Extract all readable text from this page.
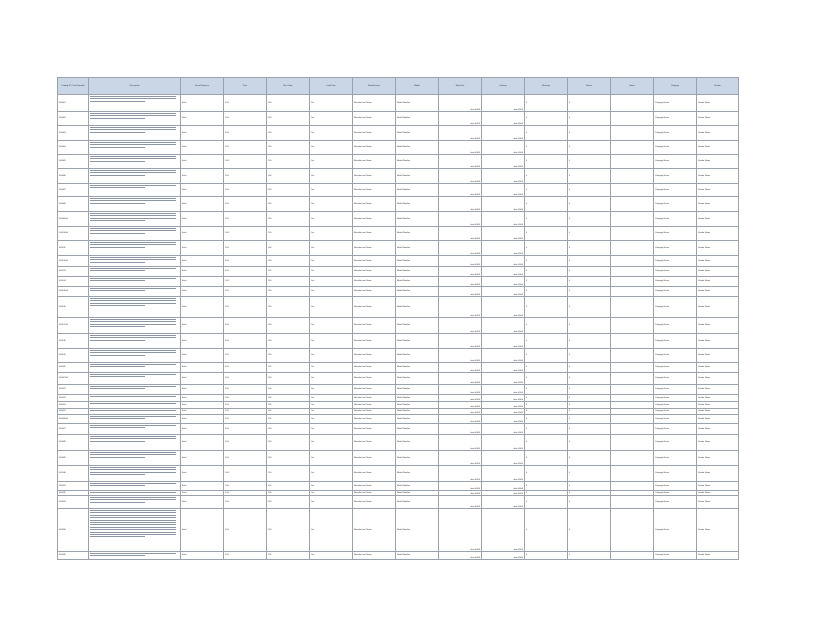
Catalog ID / Parts Number	Description	Unit of Measure	Price	Min Order	Lead Time	Manufacturer	Model	Ship Date	Delivery	Warranty	Status	Notes	Category	Vendor
000001		Each	1.00	100	Yes	Manufacturer Name	Model Number	date 00/00	date 00/00	0	0		Category Name	Vendor Name
000002		Each	1.00	100	Yes	Manufacturer Name	Model Number	date 00/00	date 00/00	0	0		Category Name	Vendor Name
000003		Each	1.00	100	Yes	Manufacturer Name	Model Number	date 00/00	date 00/00	0	0		Category Name	Vendor Name
000004		Each	1.00	100	Yes	Manufacturer Name	Model Number	date 00/00	date 00/00	0	0		Category Name	Vendor Name
000005		Each	1.00	100	Yes	Manufacturer Name	Model Number	date 00/00	date 00/00	0	0		Category Name	Vendor Name
000006		Each	1.00	100	Yes	Manufacturer Name	Model Number	date 00/00	date 00/00	0	0		Category Name	Vendor Name
000007		Each	1.00	100	Yes	Manufacturer Name	Model Number	date 00/00	date 00/00	0	0		Category Name	Vendor Name
000008		Each	1.00	100	Yes	Manufacturer Name	Model Number	date 00/00	date 00/00	0	0		Category Name	Vendor Name
000009-A		Each	1.00	100	Yes	Manufacturer Name	Model Number	date 00/00	date 00/00	0	0		Category Name	Vendor Name
000010-A		Each	1.00	100	Yes	Manufacturer Name	Model Number	date 00/00	date 00/00	0	0		Category Name	Vendor Name
000011		Each	1.00	100	Yes	Manufacturer Name	Model Number	date 00/00	date 00/00	0	0		Category Name	Vendor Name
000012-A		Each	1.00	100	Yes	Manufacturer Name	Model Number	date 00/00	date 00/00	0	0		Category Name	Vendor Name
000013		Each	1.00	100	Yes	Manufacturer Name	Model Number	date 00/00	date 00/00	0	0		Category Name	Vendor Name
000014		Each	1.00	100	Yes	Manufacturer Name	Model Number	date 00/00	date 00/00	0	0		Category Name	Vendor Name
000015-A		Each	1.00	100	Yes	Manufacturer Name	Model Number	date 00/00	date 00/00	0	0		Category Name	Vendor Name
000016		Each	1.00	100	Yes	Manufacturer Name	Model Number	date 00/00	date 00/00	0	0		Category Name	Vendor Name
000017-A		Each	1.00	100	Yes	Manufacturer Name	Model Number	date 00/00	date 00/00	0	0		Category Name	Vendor Name
000018		Each	1.00	100	Yes	Manufacturer Name	Model Number	date 00/00	date 00/00	0	0		Category Name	Vendor Name
000019		Each	1.00	100	Yes	Manufacturer Name	Model Number	date 00/00	date 00/00	0	0		Category Name	Vendor Name
000020		Each	1.00	100	Yes	Manufacturer Name	Model Number	date 00/00	date 00/00	0	0		Category Name	Vendor Name
000021-A		Each	1.00	100	Yes	Manufacturer Name	Model Number	date 00/00	date 00/00	0	0		Category Name	Vendor Name
000022		Each	1.00	100	Yes	Manufacturer Name	Model Number	date 00/00	date 00/00	0	0		Category Name	Vendor Name
000023		Each	1.00	100	Yes	Manufacturer Name	Model Number	date 00/00	date 00/00	0	0		Category Name	Vendor Name
000024		Each	1.00	100	Yes	Manufacturer Name	Model Number	date 00/00	date 00/00	0	0		Category Name	Vendor Name
000025		Each	1.00	100	Yes	Manufacturer Name	Model Number	date 00/00	date 00/00	0	0		Category Name	Vendor Name
000026-A		Each	1.00	100	Yes	Manufacturer Name	Model Number	date 00/00	date 00/00	0	0		Category Name	Vendor Name
000027		Each	1.00	100	Yes	Manufacturer Name	Model Number	date 00/00	date 00/00	0	0		Category Name	Vendor Name
000028		Each	1.00	100	Yes	Manufacturer Name	Model Number	date 00/00	date 00/00	0	0		Category Name	Vendor Name
000029		Each	1.00	100	Yes	Manufacturer Name	Model Number	date 00/00	date 00/00	0	0		Category Name	Vendor Name
000030		Each	1.00	100	Yes	Manufacturer Name	Model Number	date 00/00	date 00/00	0	0		Category Name	Vendor Name
000031		Each	1.00	100	Yes	Manufacturer Name	Model Number	date 00/00	date 00/00	0	0		Category Name	Vendor Name
000032		Each	1.00	100	Yes	Manufacturer Name	Model Number	date 00/00	date 00/00	0	0		Category Name	Vendor Name
000033		Each	1.00	100	Yes	Manufacturer Name	Model Number	date 00/00	date 00/00	0	0		Category Name	Vendor Name
000034		Each	1.00	100	Yes	Manufacturer Name	Model Number	date 00/00	date 00/00	0	0		Category Name	Vendor Name
000035		Each	1.00	100	Yes	Manufacturer Name	Model Number	date 00/00	date 00/00	0	0		Category Name	Vendor Name
